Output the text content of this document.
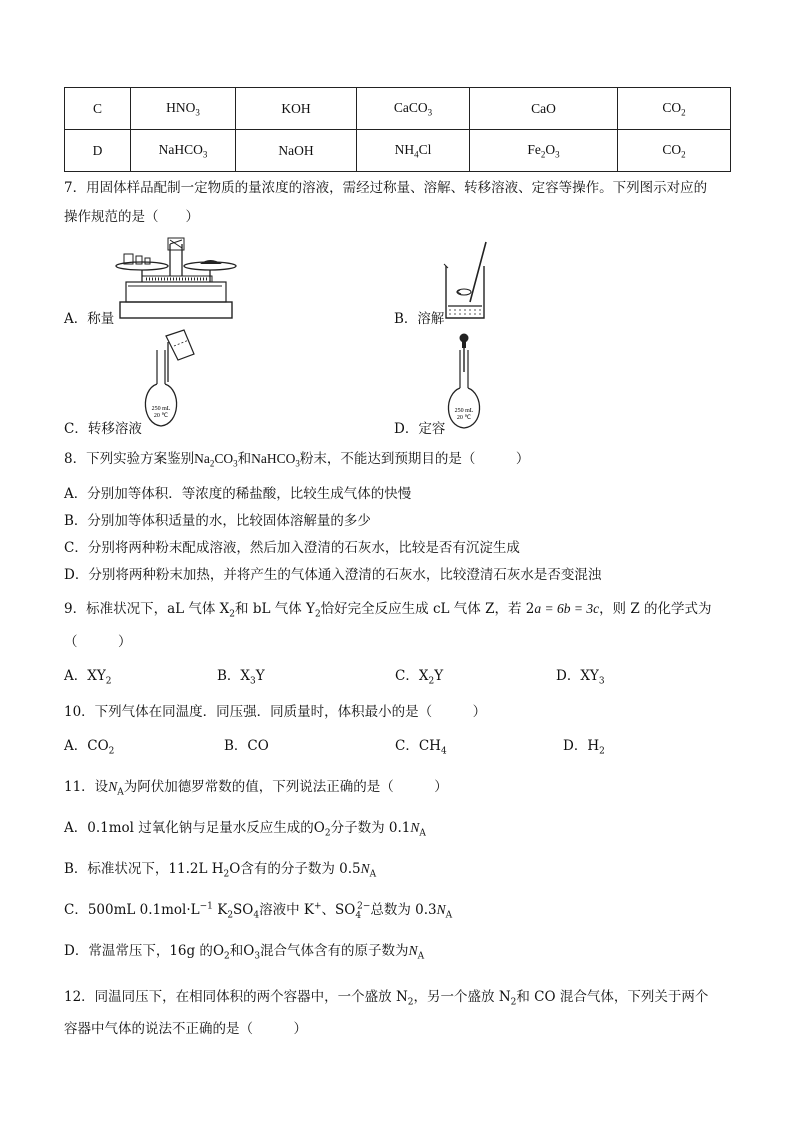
C	$HNO_3$	KOH	CaCO$_3$	CaO	$CO_2$
D	NaHCO$_3$	NaOH	$NH_4Cl$	$Fe_2O_3$	$CO_2$
7．用固体样品配制一定物质的量浓度的溶液，需经过称量、溶解、转移溶液、定容等操作。下列图示对应的
操作规范的是（　　）
A．称量	B．溶解
250 mL
20 ℃
C．转移溶液
250 mL
20 ℃
D．定容
8．下列实验方案鉴别$Na_2CO_3$和NaHCO$_3$粉末，不能达到预期目的是（　　　）
A．分别加等体积．等浓度的稀盐酸，比较生成气体的快慢
B．分别加等体积适量的水，比较固体溶解量的多少
C．分别将两种粉末配成溶液，然后加入澄清的石灰水，比较是否有沉淀生成
D．分别将两种粉末加热，并将产生的气体通入澄清的石灰水，比较澄清石灰水是否变混浊
9．标准状况下，aL 气体 $X_2$和 bL 气体 $Y_2$恰好完全反应生成 cL 气体 Z，若 2a = 6b = 3c，则 Z 的化学式为
（　　　）
A．$XY_2$	B．$X_3Y$	C．$X_2Y$	D．$XY_3$
10．下列气体在同温度．同压强．同质量时，体积最小的是（　　　）
A．$CO_2$	B．CO	C．$CH_4$	D．$H_2$
11．设$N_A$为阿伏加德罗常数的值，下列说法正确的是（　　　）
A．0.1mol 过氧化钠与足量水反应生成的$O_2$分子数为 $0.1N_A$
B．标准状况下，11.2L $H_2O$含有的分子数为 $0.5N_A$
C．500mL $0.1mol\cdot L^{-1}$ $K_2SO_4$溶液中 K+、$SO_4^{2-}$总数为 $0.3N_A$
D．常温常压下，16g 的$O_2$和$O_3$混合气体含有的原子数为$N_A$
12．同温同压下，在相同体积的两个容器中，一个盛放 $N_2$，另一个盛放 $N_2$和 CO 混合气体，下列关于两个
容器中气体的说法不正确的是（　　　）
